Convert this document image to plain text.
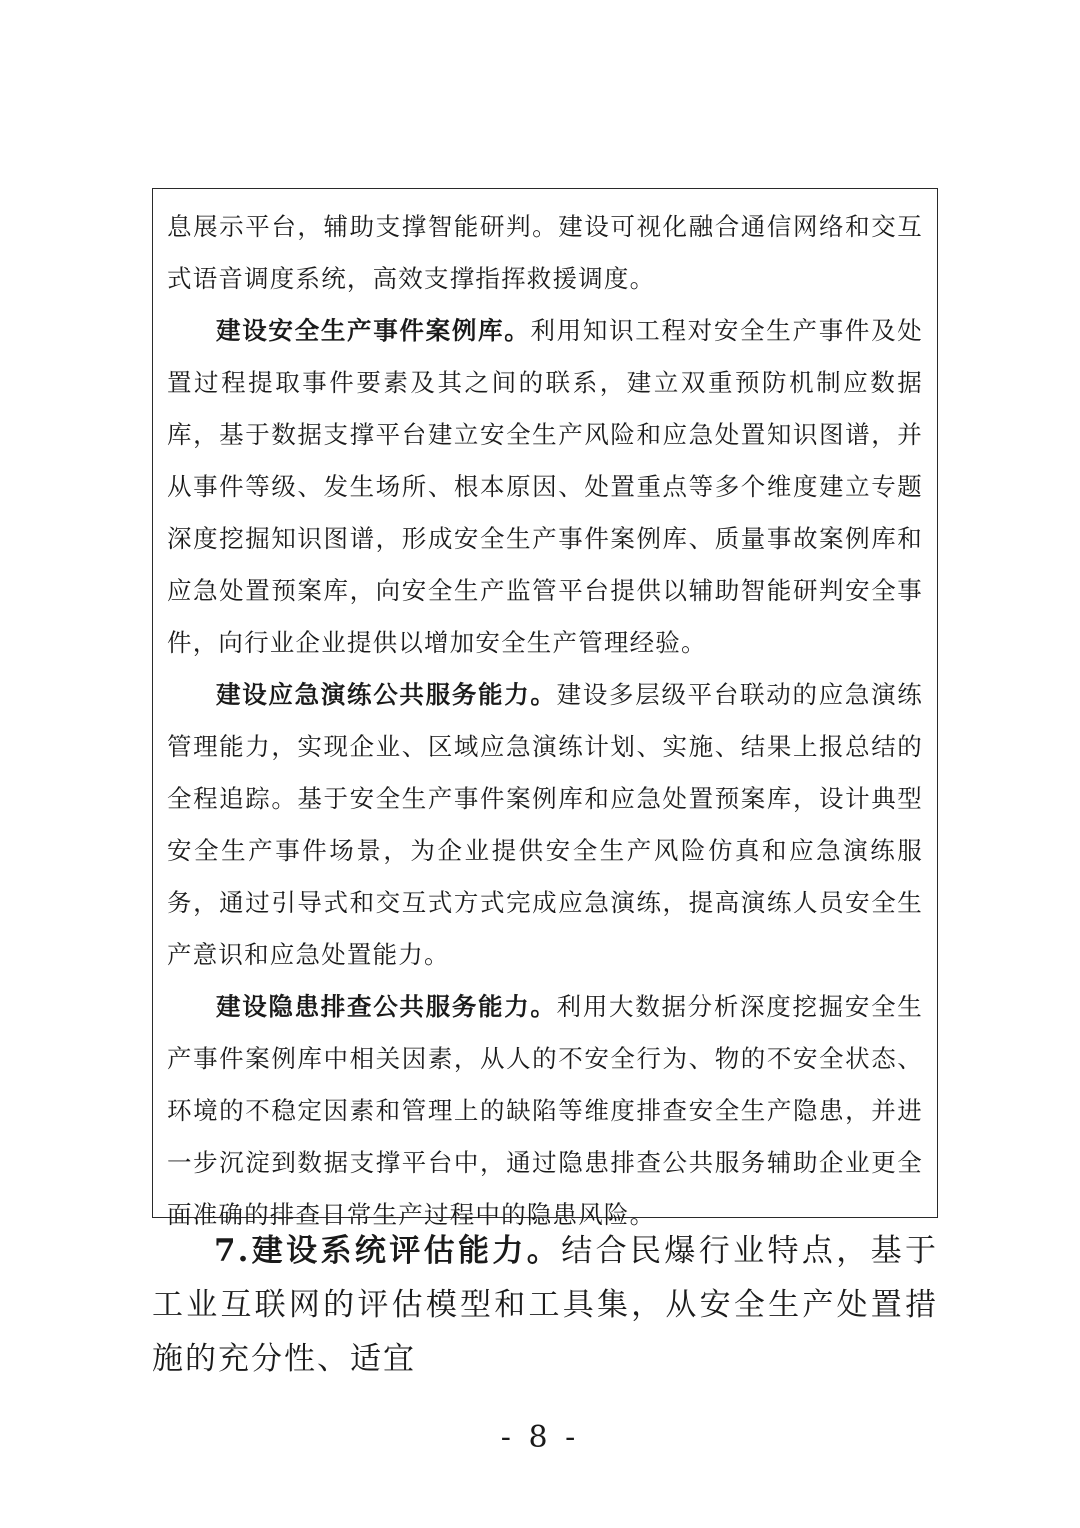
息展示平台，辅助支撑智能研判。建设可视化融合通信网络和交互式语音调度系统，高效支撑指挥救援调度。

建设安全生产事件案例库。利用知识工程对安全生产事件及处置过程提取事件要素及其之间的联系，建立双重预防机制应数据库，基于数据支撑平台建立安全生产风险和应急处置知识图谱，并从事件等级、发生场所、根本原因、处置重点等多个维度建立专题深度挖掘知识图谱，形成安全生产事件案例库、质量事故案例库和应急处置预案库，向安全生产监管平台提供以辅助智能研判安全事件，向行业企业提供以增加安全生产管理经验。

建设应急演练公共服务能力。建设多层级平台联动的应急演练管理能力，实现企业、区域应急演练计划、实施、结果上报总结的全程追踪。基于安全生产事件案例库和应急处置预案库，设计典型安全生产事件场景，为企业提供安全生产风险仿真和应急演练服务，通过引导式和交互式方式完成应急演练，提高演练人员安全生产意识和应急处置能力。

建设隐患排查公共服务能力。利用大数据分析深度挖掘安全生产事件案例库中相关因素，从人的不安全行为、物的不安全状态、环境的不稳定因素和管理上的缺陷等维度排查安全生产隐患，并进一步沉淀到数据支撑平台中，通过隐患排查公共服务辅助企业更全面准确的排查日常生产过程中的隐患风险。

7.建设系统评估能力。结合民爆行业特点，基于工业互联网的评估模型和工具集，从安全生产处置措施的充分性、适宜

- 8 -
